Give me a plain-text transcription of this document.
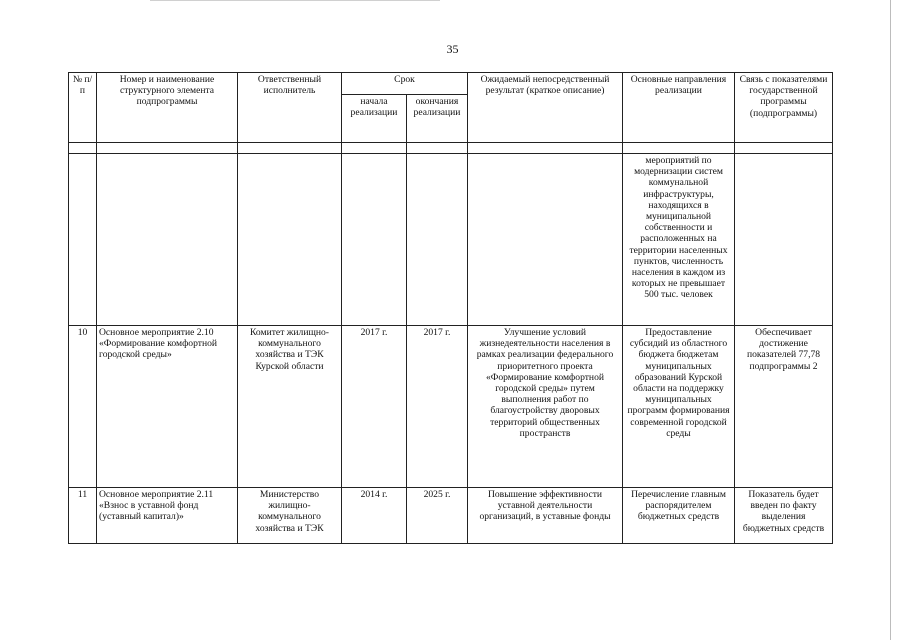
35
№ п/п	Номер и наименование структурного элемента подпрограммы	Ответственный исполнитель	Срок		Ожидаемый непосредственный результат (краткое описание)	Основные направления реализации	Связь с показателями государственной программы (подпрограммы)
			начала реализации	окончания реализации			

						мероприятий по модернизации систем коммунальной инфраструктуры, находящихся в муниципальной собственности и расположенных на территории населенных пунктов, численность населения в каждом из которых не превышает 500 тыс. человек	
10	Основное мероприятие 2.10 «Формирование комфортной городской среды»	Комитет жилищно-коммунального хозяйства и ТЭК Курской области	2017 г.	2017 г.	Улучшение условий жизнедеятельности населения в рамках реализации федерального приоритетного проекта «Формирование комфортной городской среды» путем выполнения работ по благоустройству дворовых территорий общественных пространств	Предоставление субсидий из областного бюджета бюджетам муниципальных образований Курской области на поддержку муниципальных программ формирования современной городской среды	Обеспечивает достижение показателей 77,78 подпрограммы 2
11	Основное мероприятие 2.11 «Взнос в уставной фонд (уставный капитал)»	Министерство жилищно-коммунального хозяйства и ТЭК	2014 г.	2025 г.	Повышение эффективности уставной деятельности организаций, в уставные фонды	Перечисление главным распорядителем бюджетных средств	Показатель будет введен по факту выделения бюджетных средств
